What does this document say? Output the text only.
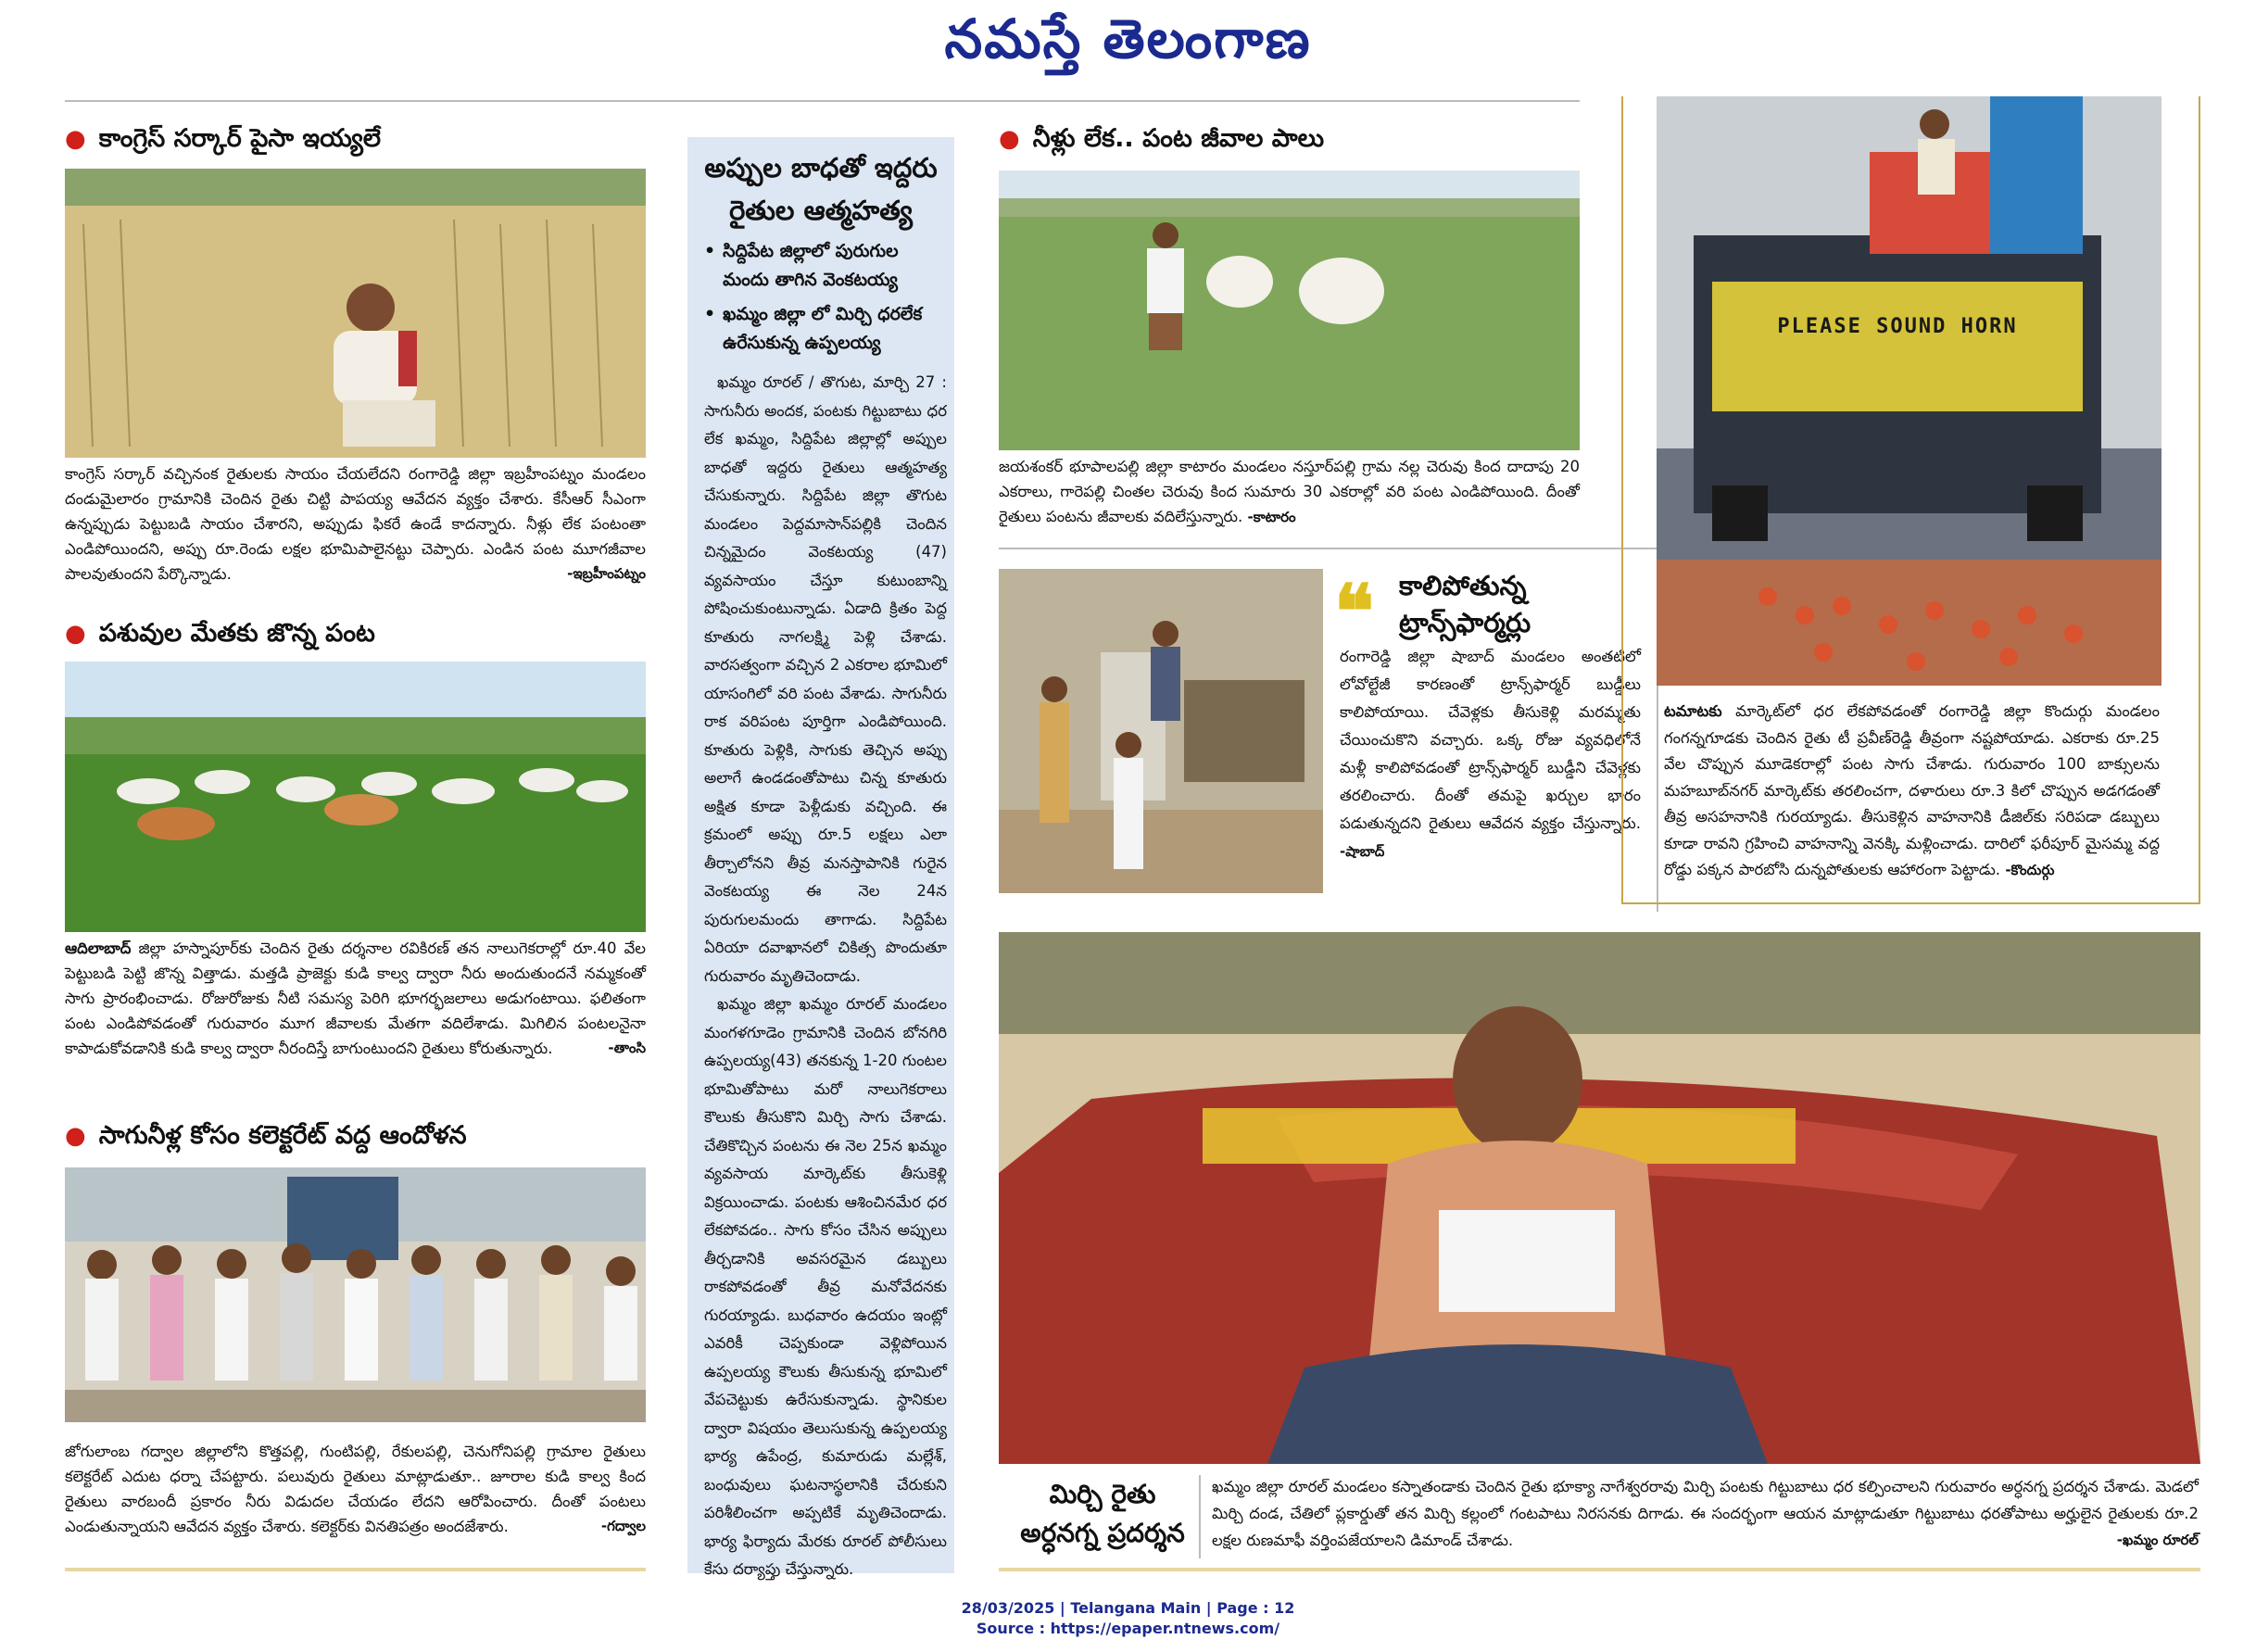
నమస్తే తెలంగాణ
● కాంగ్రెస్ సర్కార్ పైసా ఇయ్యలే
కాంగ్రెస్ సర్కార్ వచ్చినంక రైతులకు సాయం చేయలేదని రంగారెడ్డి జిల్లా ఇబ్రహీంపట్నం మండలం దండుమైలారం గ్రామానికి చెందిన రైతు చిట్టి పాపయ్య ఆవేదన వ్యక్తం చేశారు. కేసీఆర్ సీఎంగా ఉన్నప్పుడు పెట్టుబడి సాయం చేశారని, అప్పుడు ఫికరే ఉండే కాదన్నారు. నీళ్లు లేక పంటంతా ఎండిపోయిందని, అప్పు రూ.రెండు లక్షల భూమిపాలైనట్టు చెప్పారు. ఎండిన పంట మూగజీవాల పాలవుతుందని పేర్కొన్నాడు.	-ఇబ్రహీంపట్నం
● పశువుల మేతకు జొన్న పంట
ఆదిలాబాద్ జిల్లా హస్నాపూర్‌కు చెందిన రైతు దర్శనాల రవికిరణ్ తన నాలుగెకరాల్లో రూ.40 వేల పెట్టుబడి పెట్టి జొన్న విత్తాడు. మత్తడి ప్రాజెక్టు కుడి కాల్వ ద్వారా నీరు అందుతుందనే నమ్మకంతో సాగు ప్రారంభించాడు. రోజురోజుకు నీటి సమస్య పెరిగి భూగర్భజలాలు అడుగంటాయి. ఫలితంగా పంట ఎండిపోవడంతో గురువారం మూగ జీవాలకు మేతగా వదిలేశాడు. మిగిలిన పంటలనైనా కాపాడుకోవడానికి కుడి కాల్వ ద్వారా నీరందిస్తే బాగుంటుందని రైతులు కోరుతున్నారు.	-తాంసి
● సాగునీళ్ల కోసం కలెక్టరేట్ వద్ద ఆందోళన
జోగులాంబ గద్వాల జిల్లాలోని కొత్తపల్లి, గుంటిపల్లి, రేకులపల్లి, చెనుగోనిపల్లి గ్రామాల రైతులు కలెక్టరేట్ ఎదుట ధర్నా చేపట్టారు. పలువురు రైతులు మాట్లాడుతూ.. జూరాల కుడి కాల్వ కింద రైతులు వారబందీ ప్రకారం నీరు విడుదల చేయడం లేదని ఆరోపించారు. దీంతో పంటలు ఎండుతున్నాయని ఆవేదన వ్యక్తం చేశారు. కలెక్టర్‌కు వినతిపత్రం అందజేశారు.	-గద్వాల
అప్పుల బాధతో ఇద్దరు రైతుల ఆత్మహత్య
• సిద్దిపేట జిల్లాలో పురుగుల మందు తాగిన వెంకటయ్య
• ఖమ్మం జిల్లా లో మిర్చి ధరలేక ఉరేసుకున్న ఉప్పలయ్య
ఖమ్మం రూరల్ / తొగుట, మార్చి 27 : సాగునీరు అందక, పంటకు గిట్టుబాటు ధర లేక ఖమ్మం, సిద్దిపేట జిల్లాల్లో అప్పుల బాధతో ఇద్దరు రైతులు ఆత్మహత్య చేసుకున్నారు. సిద్దిపేట జిల్లా తొగుట మండలం పెద్దమాసాన్‌పల్లికి చెందిన చిన్నమైదం వెంకటయ్య (47) వ్యవసాయం చేస్తూ కుటుంబాన్ని పోషించుకుంటున్నాడు. ఏడాది క్రితం పెద్ద కూతురు నాగలక్ష్మి పెళ్లి చేశాడు. వారసత్వంగా వచ్చిన 2 ఎకరాల భూమిలో యాసంగిలో వరి పంట వేశాడు. సాగునీరు రాక వరిపంట పూర్తిగా ఎండిపోయింది. కూతురు పెళ్లికి, సాగుకు తెచ్చిన అప్పు అలాగే ఉండడంతోపాటు చిన్న కూతురు అక్షిత కూడా పెళ్లీడుకు వచ్చింది. ఈ క్రమంలో అప్పు రూ.5 లక్షలు ఎలా తీర్చాలోనని తీవ్ర మనస్తాపానికి గురైన వెంకటయ్య ఈ నెల 24న పురుగులమందు తాగాడు. సిద్దిపేట ఏరియా దవాఖానలో చికిత్స పొందుతూ గురువారం మృతిచెందాడు.
ఖమ్మం జిల్లా ఖమ్మం రూరల్ మండలం మంగళగూడెం గ్రామానికి చెందిన బోనగిరి ఉప్పలయ్య(43) తనకున్న 1-20 గుంటల భూమితోపాటు మరో నాలుగెకరాలు కౌలుకు తీసుకొని మిర్చి సాగు చేశాడు. చేతికొచ్చిన పంటను ఈ నెల 25న ఖమ్మం వ్యవసాయ మార్కెట్‌కు తీసుకెళ్లి విక్రయించాడు. పంటకు ఆశించినమేర ధర లేకపోవడం.. సాగు కోసం చేసిన అప్పులు తీర్చడానికి అవసరమైన డబ్బులు రాకపోవడంతో తీవ్ర మనోవేదనకు గురయ్యాడు. బుధవారం ఉదయం ఇంట్లో ఎవరికీ చెప్పకుండా వెళ్లిపోయిన ఉప్పలయ్య కౌలుకు తీసుకున్న భూమిలో వేపచెట్టుకు ఉరేసుకున్నాడు. స్థానికుల ద్వారా విషయం తెలుసుకున్న ఉప్పలయ్య భార్య ఉపేంద్ర, కుమారుడు మల్లేశ్, బంధువులు ఘటనాస్థలానికి చేరుకుని పరిశీలించగా అప్పటికే మృతిచెందాడు. భార్య ఫిర్యాదు మేరకు రూరల్ పోలీసులు కేసు దర్యాప్తు చేస్తున్నారు.
● నీళ్లు లేక.. పంట జీవాల పాలు
జయశంకర్ భూపాలపల్లి జిల్లా కాటారం మండలం నస్తూర్‌పల్లి గ్రామ నల్ల చెరువు కింద దాదాపు 20 ఎకరాలు, గారెపల్లి చింతల చెరువు కింద సుమారు 30 ఎకరాల్లో వరి పంట ఎండిపోయింది. దీంతో రైతులు పంటను జీవాలకు వదిలేస్తున్నారు. -కాటారం
❝ కాలిపోతున్న ట్రాన్స్‌ఫార్మర్లు
రంగారెడ్డి జిల్లా షాబాద్ మండలం అంతటిలో లోవోల్టేజీ కారణంతో ట్రాన్స్‌ఫార్మర్ బుడ్డీలు కాలిపోయాయి. చేవెళ్లకు తీసుకెళ్లి మరమ్మతు చేయించుకొని వచ్చారు. ఒక్క రోజు వ్యవధిలోనే మళ్లీ కాలిపోవడంతో ట్రాన్స్‌ఫార్మర్ బుడ్డీని చేవెళ్లకు తరలించారు. దీంతో తమపై ఖర్చుల భారం పడుతున్నదని రైతులు ఆవేదన వ్యక్తం చేస్తున్నారు. -షాబాద్
PLEASE SOUND HORN
టమాటకు మార్కెట్‌లో ధర లేకపోవడంతో రంగారెడ్డి జిల్లా కొందుర్గు మండలం గంగన్నగూడకు చెందిన రైతు టీ ప్రవీణ్‌రెడ్డి తీవ్రంగా నష్టపోయాడు. ఎకరాకు రూ.25 వేల చొప్పున మూడెకరాల్లో పంట సాగు చేశాడు. గురువారం 100 బాక్సులను మహబూబ్‌నగర్ మార్కెట్‌కు తరలించగా, దళారులు రూ.3 కిలో చొప్పున అడగడంతో తీవ్ర అసహనానికి గురయ్యాడు. తీసుకెళ్లిన వాహనానికి డీజిల్‌కు సరిపడా డబ్బులు కూడా రావని గ్రహించి వాహనాన్ని వెనక్కి మళ్లించాడు. దారిలో ఫరీపూర్ మైసమ్మ వద్ద రోడ్డు పక్కన పారబోసి దున్నపోతులకు ఆహారంగా పెట్టాడు. -కొందుర్గు
మిర్చి రైతు
అర్ధనగ్న ప్రదర్శన
ఖమ్మం జిల్లా రూరల్ మండలం కస్నాతండాకు చెందిన రైతు భూక్యా నాగేశ్వరరావు మిర్చి పంటకు గిట్టుబాటు ధర కల్పించాలని గురువారం అర్ధనగ్న ప్రదర్శన చేశాడు. మెడలో మిర్చి దండ, చేతిలో ప్లకార్డుతో తన మిర్చి కల్లంలో గంటపాటు నిరసనకు దిగాడు. ఈ సందర్భంగా ఆయన మాట్లాడుతూ గిట్టుబాటు ధరతోపాటు అర్హులైన రైతులకు రూ.2 లక్షల రుణమాఫీ వర్తింపజేయాలని డిమాండ్ చేశాడు.	-ఖమ్మం రూరల్
28/03/2025 | Telangana Main | Page : 12
Source : https://epaper.ntnews.com/
